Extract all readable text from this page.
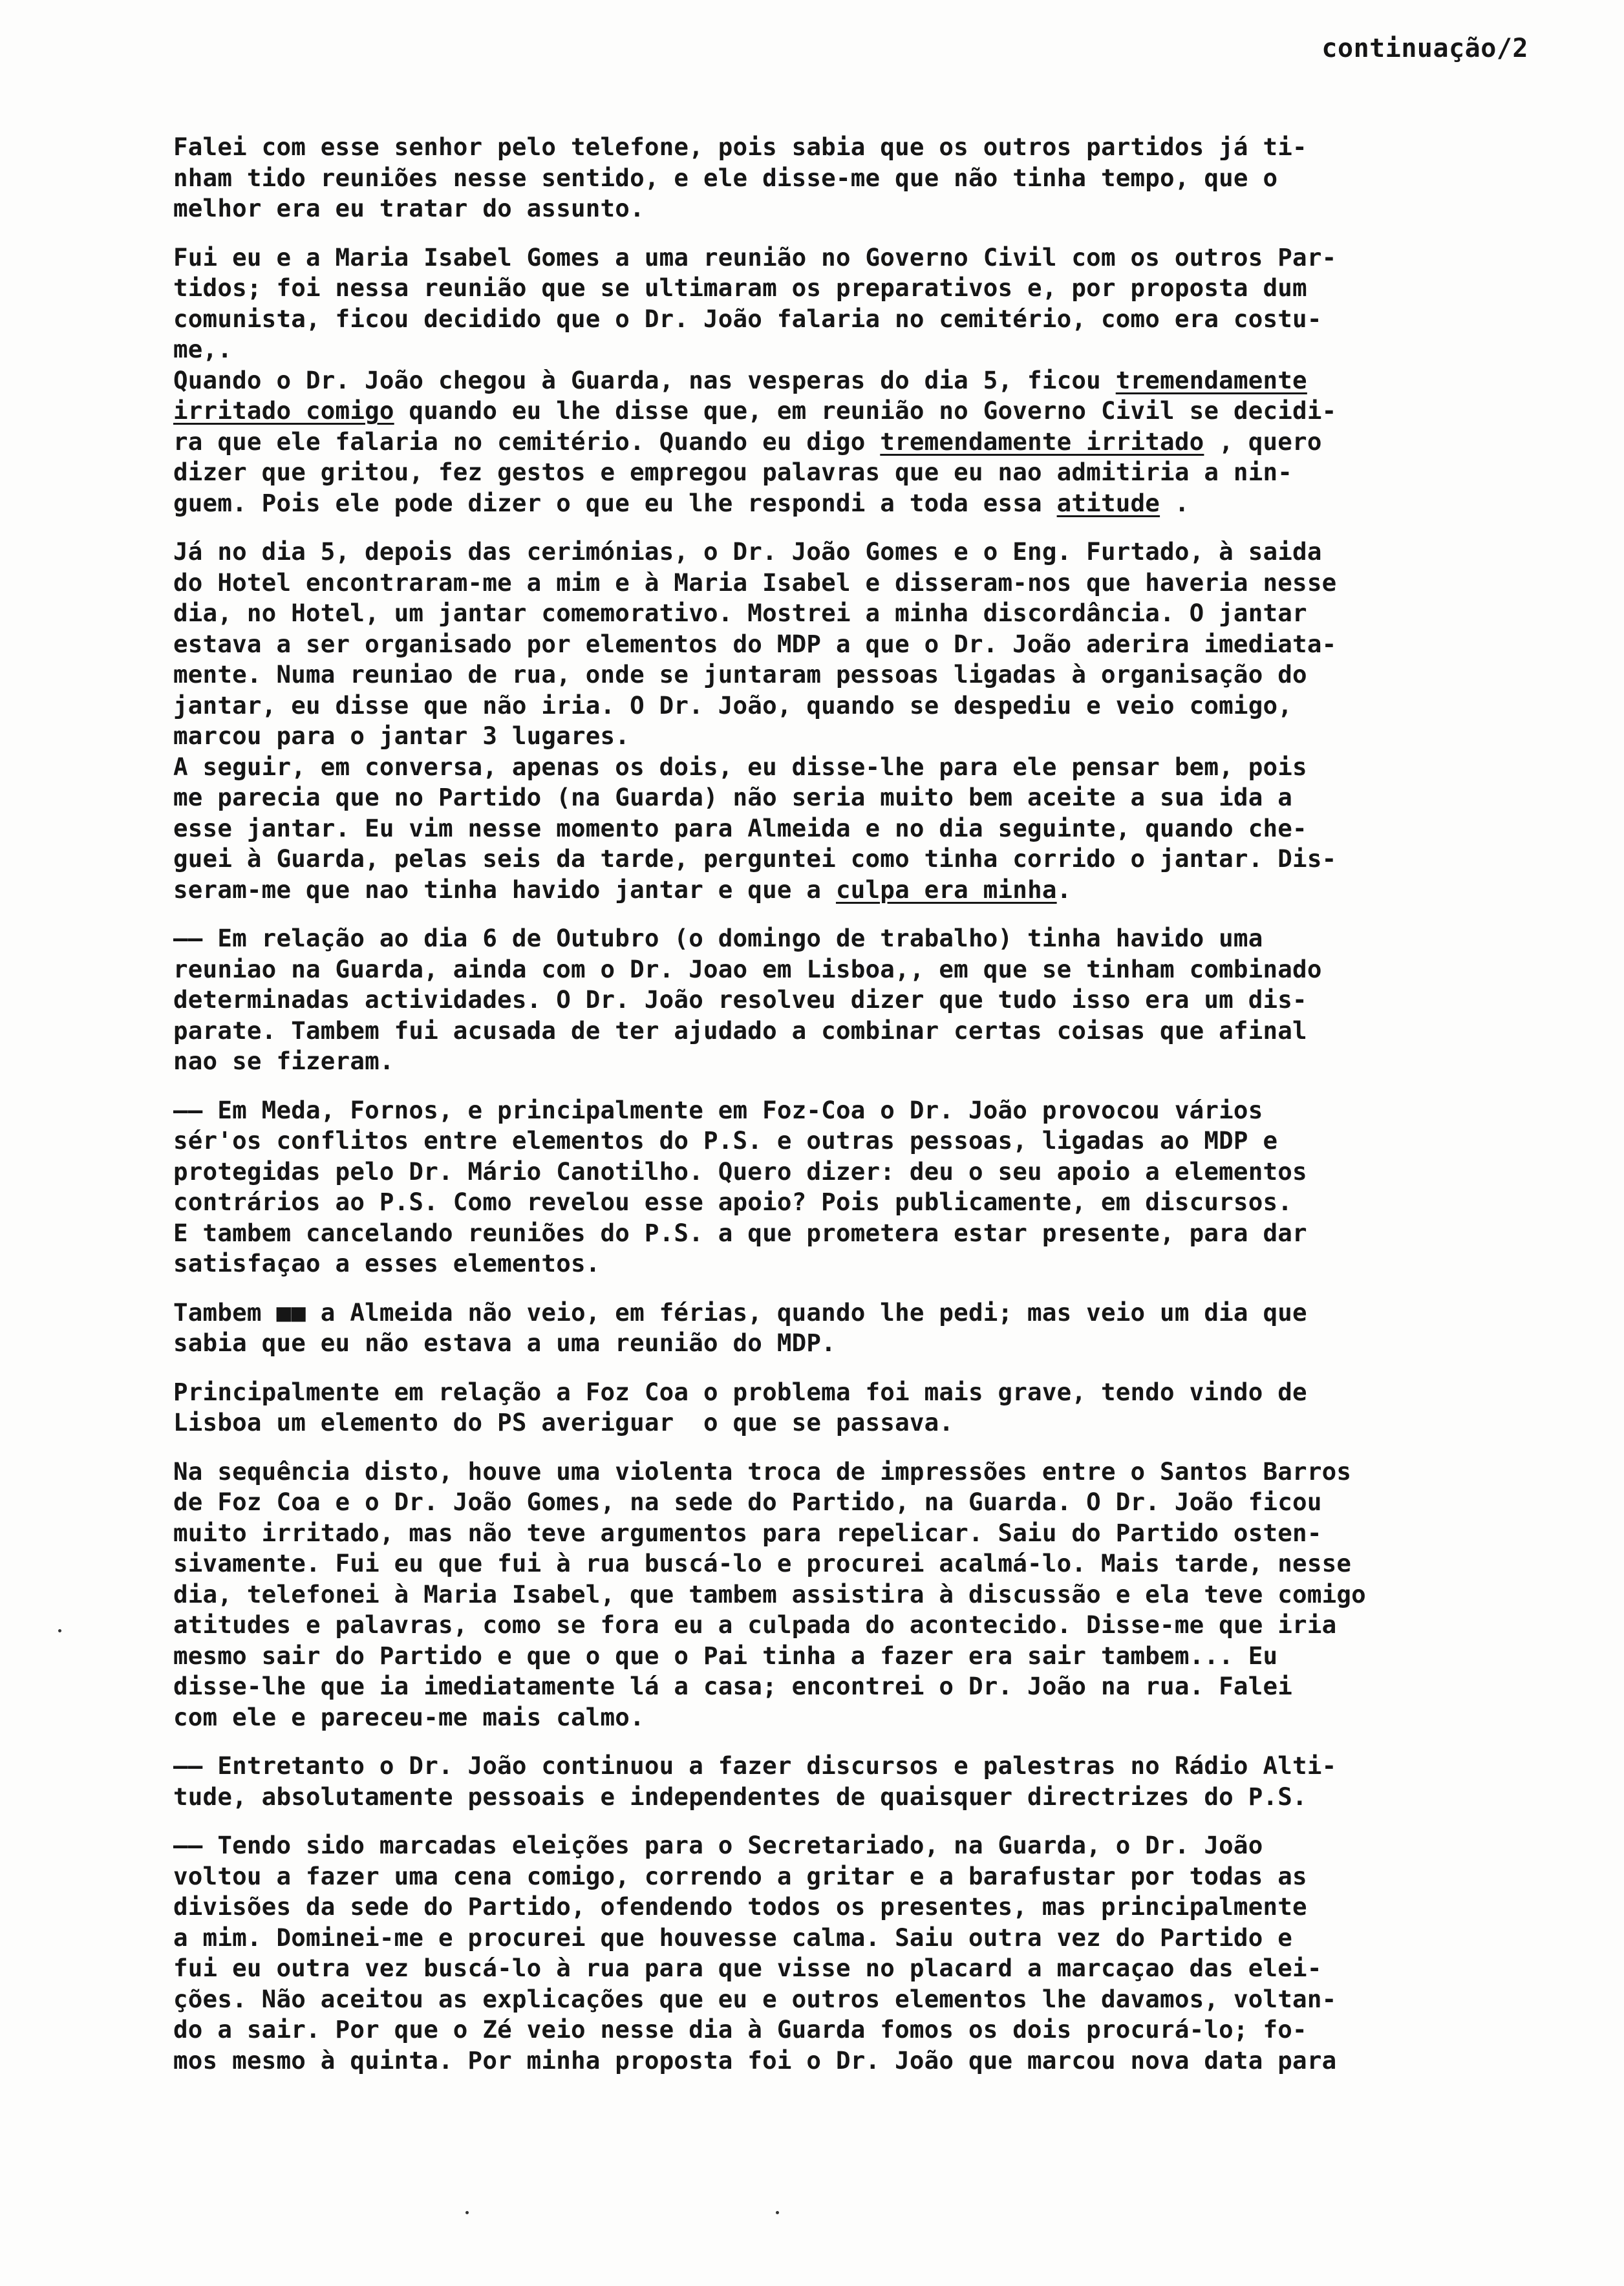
continuação/2
Falei com esse senhor pelo telefone, pois sabia que os outros partidos já ti-
nham tido reuniões nesse sentido, e ele disse-me que não tinha tempo, que o
melhor era eu tratar do assunto.
Fui eu e a Maria Isabel Gomes a uma reunião no Governo Civil com os outros Par-
tidos; foi nessa reunião que se ultimaram os preparativos e, por proposta dum
comunista, ficou decidido que o Dr. João falaria no cemitério, como era costu-
me,.
Quando o Dr. João chegou à Guarda, nas vesperas do dia 5, ficou tremendamente
irritado comigo quando eu lhe disse que, em reunião no Governo Civil se decidi-
ra que ele falaria no cemitério. Quando eu digo tremendamente irritado , quero
dizer que gritou, fez gestos e empregou palavras que eu nao admitiria a nin-
guem. Pois ele pode dizer o que eu lhe respondi a toda essa atitude .
Já no dia 5, depois das cerimónias, o Dr. João Gomes e o Eng. Furtado, à saida
do Hotel encontraram-me a mim e à Maria Isabel e disseram-nos que haveria nesse
dia, no Hotel, um jantar comemorativo. Mostrei a minha discordância. O jantar
estava a ser organisado por elementos do MDP a que o Dr. João aderira imediata-
mente. Numa reuniao de rua, onde se juntaram pessoas ligadas à organisação do
jantar, eu disse que não iria. O Dr. João, quando se despediu e veio comigo,
marcou para o jantar 3 lugares.
A seguir, em conversa, apenas os dois, eu disse-lhe para ele pensar bem, pois
me parecia que no Partido (na Guarda) não seria muito bem aceite a sua ida a
esse jantar. Eu vim nesse momento para Almeida e no dia seguinte, quando che-
guei à Guarda, pelas seis da tarde, perguntei como tinha corrido o jantar. Dis-
seram-me que nao tinha havido jantar e que a culpa era minha.
—— Em relação ao dia 6 de Outubro (o domingo de trabalho) tinha havido uma
reuniao na Guarda, ainda com o Dr. Joao em Lisboa,, em que se tinham combinado
determinadas actividades. O Dr. João resolveu dizer que tudo isso era um dis-
parate. Tambem fui acusada de ter ajudado a combinar certas coisas que afinal
nao se fizeram.
—— Em Meda, Fornos, e principalmente em Foz-Coa o Dr. João provocou vários
sér'os conflitos entre elementos do P.S. e outras pessoas, ligadas ao MDP e
protegidas pelo Dr. Mário Canotilho. Quero dizer: deu o seu apoio a elementos
contrários ao P.S. Como revelou esse apoio? Pois publicamente, em discursos.
E tambem cancelando reuniões do P.S. a que prometera estar presente, para dar
satisfaçao a esses elementos.
Tambem ■■ a Almeida não veio, em férias, quando lhe pedi; mas veio um dia que
sabia que eu não estava a uma reunião do MDP.
Principalmente em relação a Foz Coa o problema foi mais grave, tendo vindo de
Lisboa um elemento do PS averiguar  o que se passava.
Na sequência disto, houve uma violenta troca de impressões entre o Santos Barros
de Foz Coa e o Dr. João Gomes, na sede do Partido, na Guarda. O Dr. João ficou
muito irritado, mas não teve argumentos para repelicar. Saiu do Partido osten-
sivamente. Fui eu que fui à rua buscá-lo e procurei acalmá-lo. Mais tarde, nesse
dia, telefonei à Maria Isabel, que tambem assistira à discussão e ela teve comigo
atitudes e palavras, como se fora eu a culpada do acontecido. Disse-me que iria
mesmo sair do Partido e que o que o Pai tinha a fazer era sair tambem... Eu
disse-lhe que ia imediatamente lá a casa; encontrei o Dr. João na rua. Falei
com ele e pareceu-me mais calmo.
—— Entretanto o Dr. João continuou a fazer discursos e palestras no Rádio Alti-
tude, absolutamente pessoais e independentes de quaisquer directrizes do P.S.
—— Tendo sido marcadas eleições para o Secretariado, na Guarda, o Dr. João
voltou a fazer uma cena comigo, correndo a gritar e a barafustar por todas as
divisões da sede do Partido, ofendendo todos os presentes, mas principalmente
a mim. Dominei-me e procurei que houvesse calma. Saiu outra vez do Partido e
fui eu outra vez buscá-lo à rua para que visse no placard a marcaçao das elei-
ções. Não aceitou as explicações que eu e outros elementos lhe davamos, voltan-
do a sair. Por que o Zé veio nesse dia à Guarda fomos os dois procurá-lo; fo-
mos mesmo à quinta. Por minha proposta foi o Dr. João que marcou nova data para
